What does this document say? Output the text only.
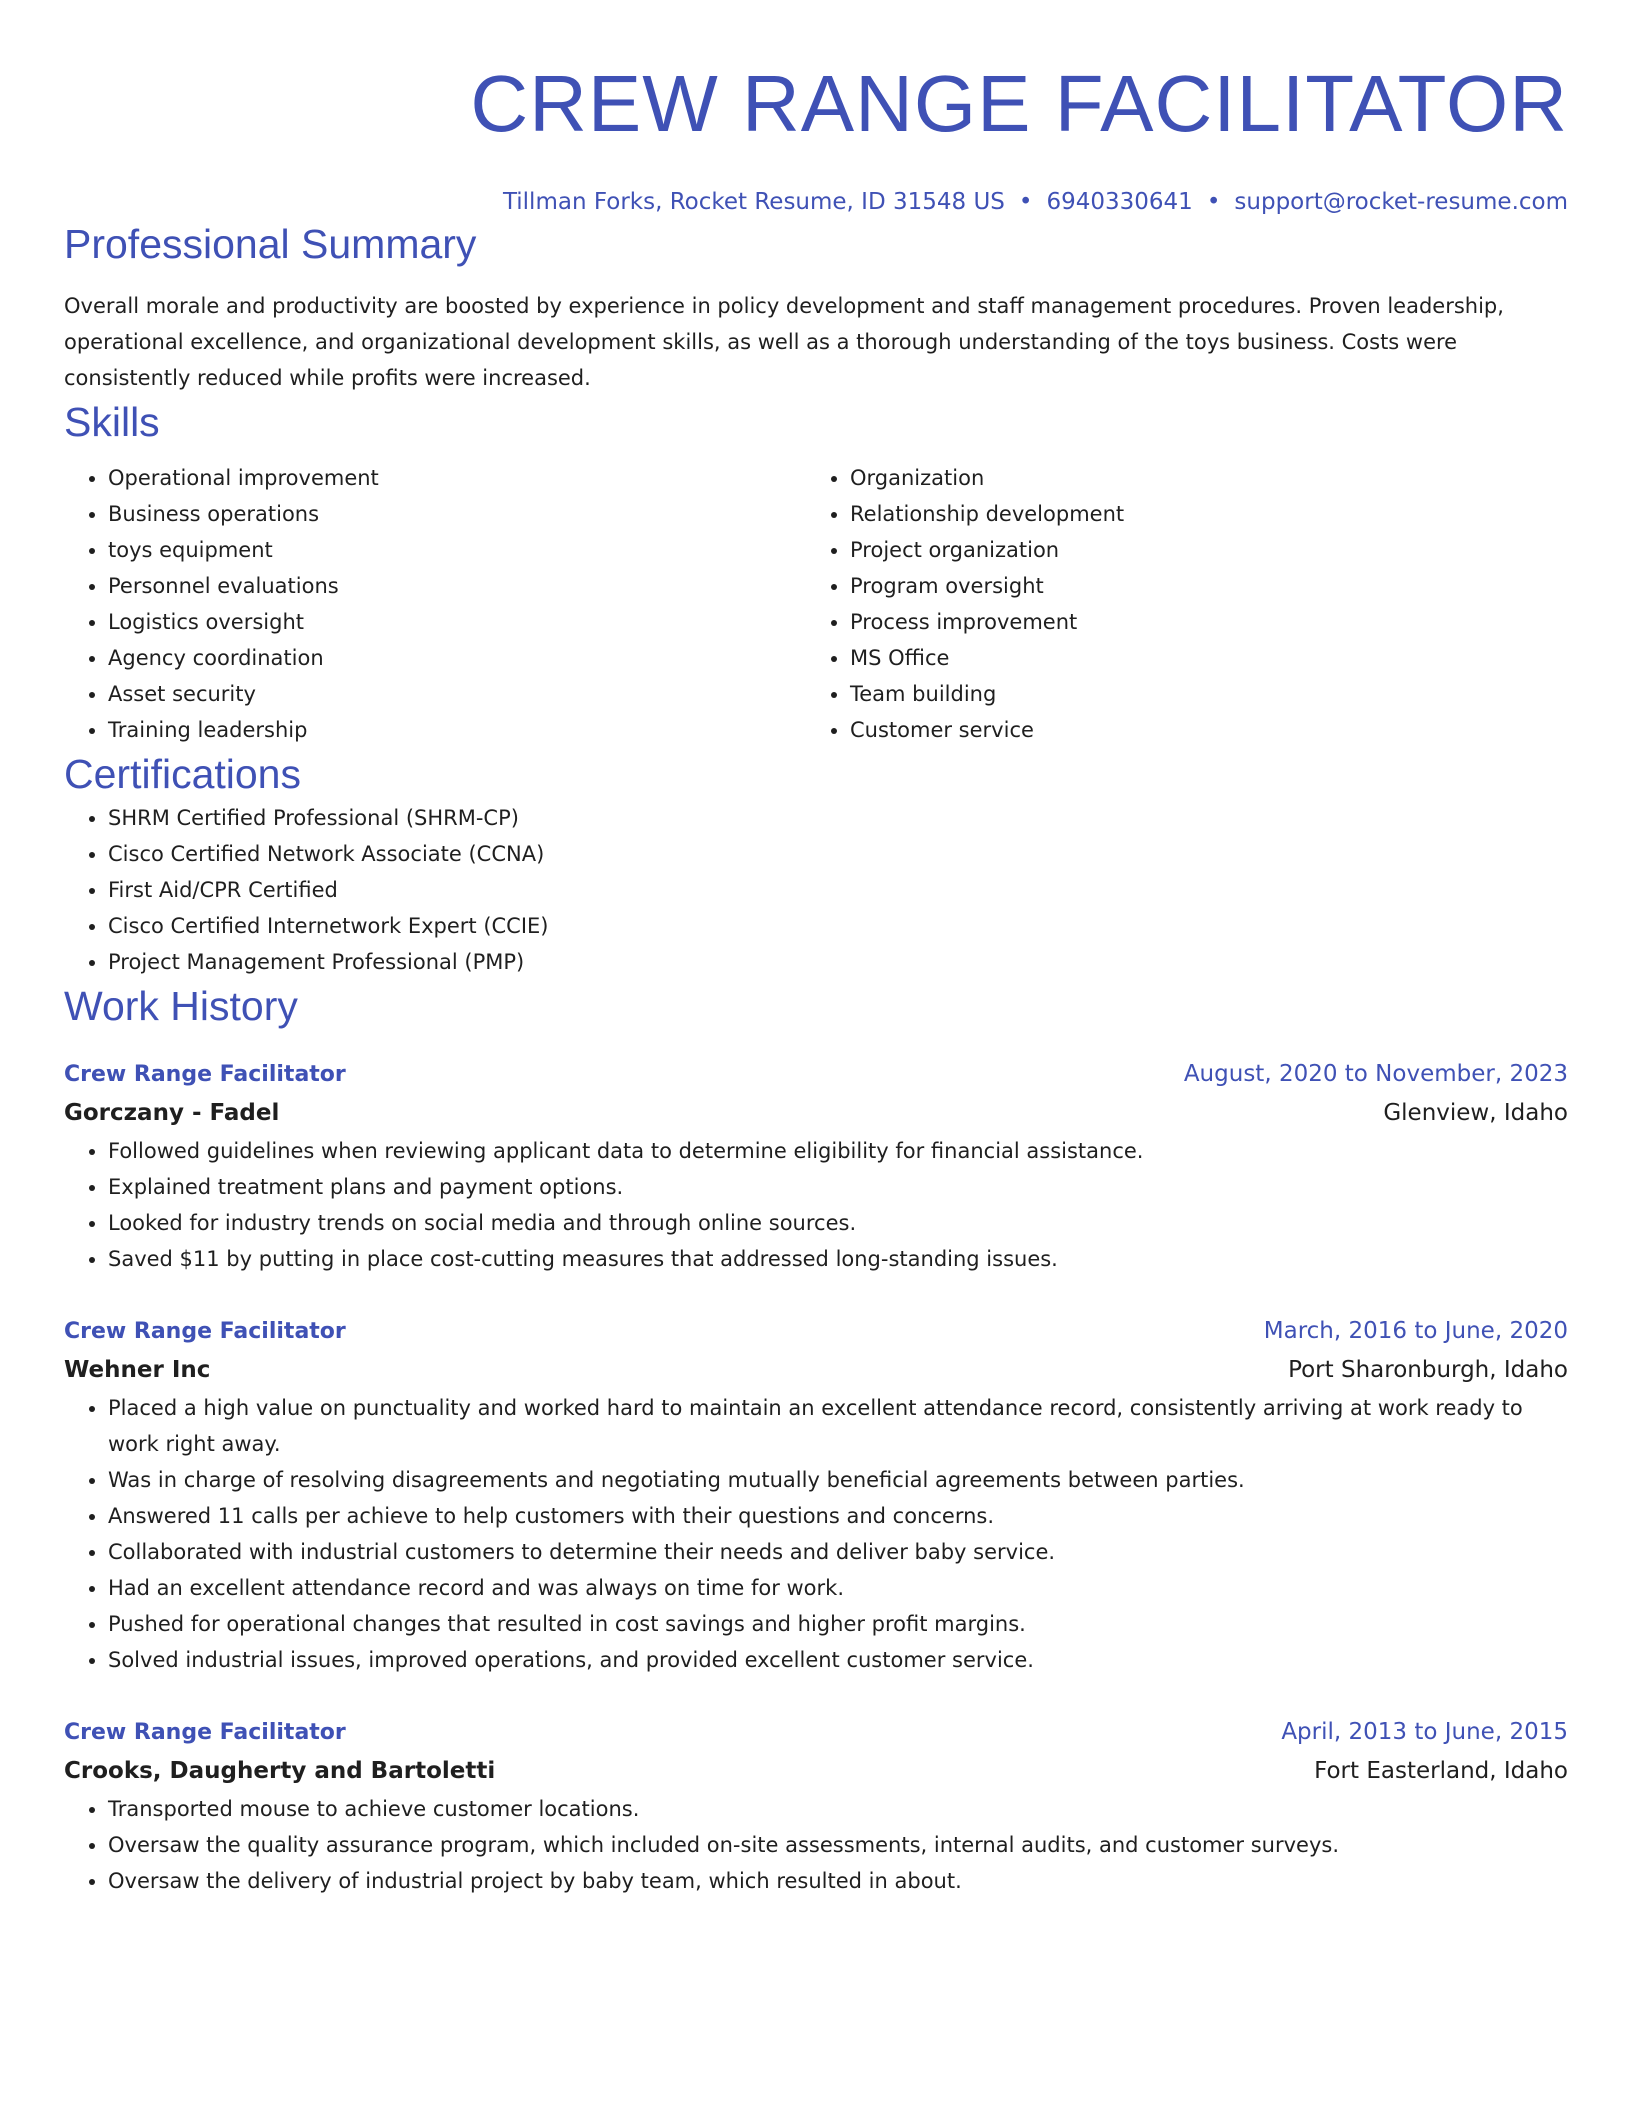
CREW RANGE FACILITATOR
Tillman Forks, Rocket Resume, ID 31548 US • 6940330641 • support@rocket-resume.com
Professional Summary

Overall morale and productivity are boosted by experience in policy development and staff management procedures. Proven leadership, operational excellence, and organizational development skills, as well as a thorough understanding of the toys business. Costs were consistently reduced while profits were increased.

Skills
• Operational improvement
• Business operations
• toys equipment
• Personnel evaluations
• Logistics oversight
• Agency coordination
• Asset security
• Training leadership
• Organization
• Relationship development
• Project organization
• Program oversight
• Process improvement
• MS Office
• Team building
• Customer service
Certifications
• SHRM Certified Professional (SHRM-CP)
• Cisco Certified Network Associate (CCNA)
• First Aid/CPR Certified
• Cisco Certified Internetwork Expert (CCIE)
• Project Management Professional (PMP)
Work History
Crew Range Facilitator	August, 2020 to November, 2023
Gorczany - Fadel	Glenview, Idaho
• Followed guidelines when reviewing applicant data to determine eligibility for financial assistance.
• Explained treatment plans and payment options.
• Looked for industry trends on social media and through online sources.
• Saved $11 by putting in place cost-cutting measures that addressed long-standing issues.
Crew Range Facilitator	March, 2016 to June, 2020
Wehner Inc	Port Sharonburgh, Idaho
• Placed a high value on punctuality and worked hard to maintain an excellent attendance record, consistently arriving at work ready to work right away.
• Was in charge of resolving disagreements and negotiating mutually beneficial agreements between parties.
• Answered 11 calls per achieve to help customers with their questions and concerns.
• Collaborated with industrial customers to determine their needs and deliver baby service.
• Had an excellent attendance record and was always on time for work.
• Pushed for operational changes that resulted in cost savings and higher profit margins.
• Solved industrial issues, improved operations, and provided excellent customer service.
Crew Range Facilitator	April, 2013 to June, 2015
Crooks, Daugherty and Bartoletti	Fort Easterland, Idaho
• Transported mouse to achieve customer locations.
• Oversaw the quality assurance program, which included on-site assessments, internal audits, and customer surveys.
• Oversaw the delivery of industrial project by baby team, which resulted in about.
